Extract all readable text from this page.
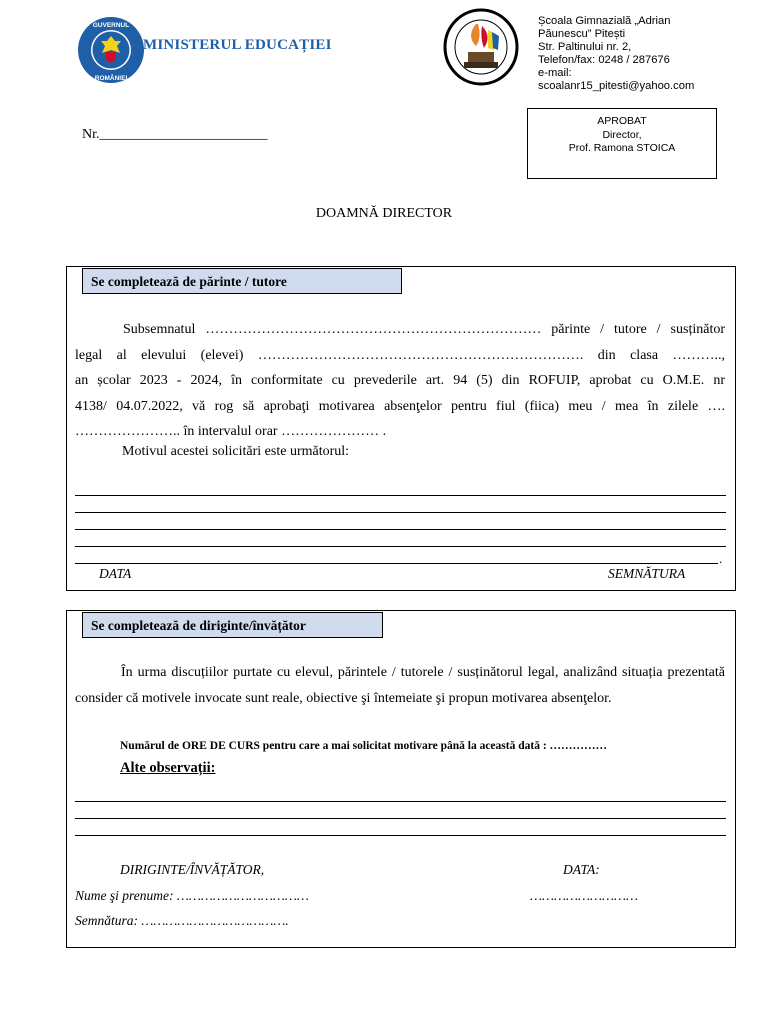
GUVERNUL
ROMÂNIEI
MINISTERUL EDUCAȚIEI
Școala Gimnazială „Adrian
Păunescu” Pitești
Str. Paltinului nr. 2,
Telefon/fax: 0248 / 287676
e-mail:
scoalanr15_pitesti@yahoo.com
Nr.________________________
APROBAT
Director,
Prof. Ramona STOICA
DOAMNĂ DIRECTOR
Se completează de părinte / tutore
Subsemnatul ……………………………………………………………… părinte / tutore / susținător
legal al elevului (elevei) ……………………………………………………………. din clasa ………..,
an școlar 2023 - 2024, în conformitate cu prevederile art. 94 (5) din ROFUIP, aprobat cu O.M.E. nr
4138/ 04.07.2022, vă rog să aprobaţi motivarea absenţelor pentru fiul (fiica) meu / mea în zilele ….
………………….. în intervalul orar ………………… .
Motivul acestei solicitări este următorul:
.
DATA	SEMNĂTURA
Se completează de diriginte/învățător
În urma discuțiilor purtate cu elevul, părintele / tutorele / susținătorul legal, analizând situația prezentată consider că motivele invocate sunt reale, obiective şi întemeiate şi propun motivarea absenţelor.
Numărul de ORE DE CURS pentru care a mai solicitat motivare până la această dată : ……………
Alte observații:
DIRIGINTE/ÎNVĂȚĂTOR,	DATA:
Nume şi prenume: ……………………………	………………………
Semnătura: ……………………………….
